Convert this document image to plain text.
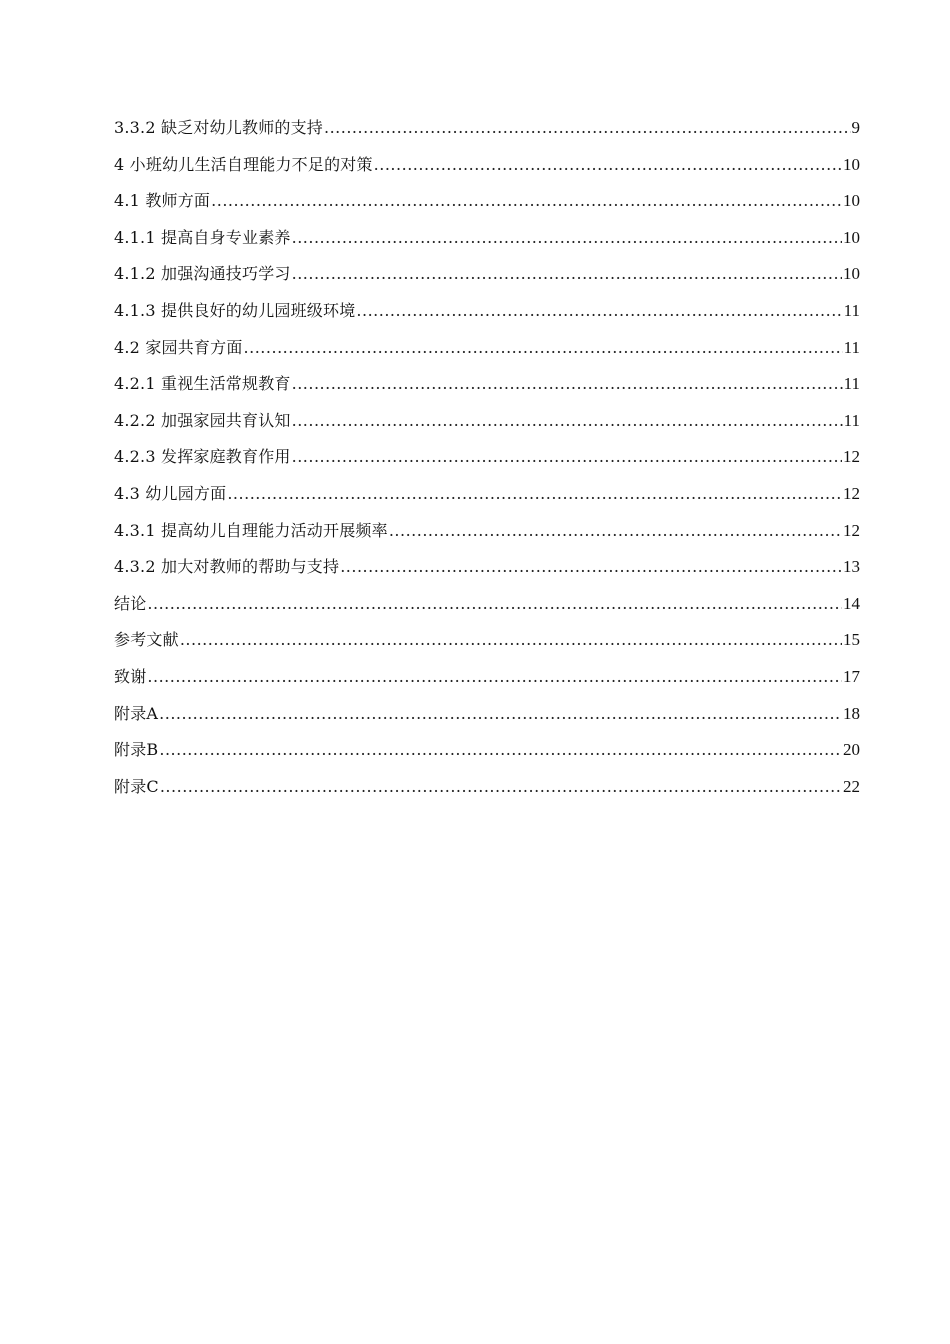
3.3.2 缺乏对幼儿教师的支持 .....	9
4 小班幼儿生活自理能力不足的对策 .....	10
4.1 教师方面 .....	10
4.1.1 提高自身专业素养 .....	10
4.1.2 加强沟通技巧学习 .....	10
4.1.3 提供良好的幼儿园班级环境 .....	11
4.2 家园共育方面 .....	11
4.2.1 重视生活常规教育 .....	11
4.2.2 加强家园共育认知 .....	11
4.2.3 发挥家庭教育作用 .....	12
4.3 幼儿园方面 .....	12
4.3.1 提高幼儿自理能力活动开展频率 .....	12
4.3.2 加大对教师的帮助与支持 .....	13
结论 .....	14
参考文献 .....	15
致谢 .....	17
附录A .....	18
附录B .....	20
附录C .....	22
